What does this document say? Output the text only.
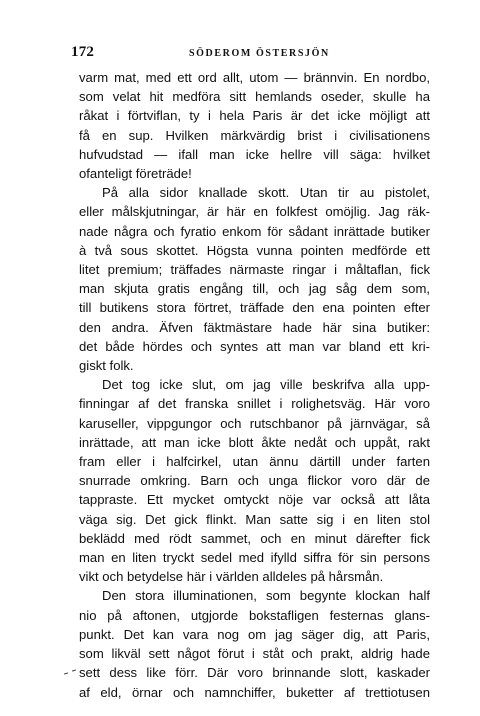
172	SÖDEROM ÖSTERSJÖN
varm mat, med ett ord allt, utom — brännvin. En nordbo,
som velat hit medföra sitt hemlands oseder, skulle ha
råkat i förtviflan, ty i hela Paris är det icke möjligt att
få en sup. Hvilken märkvärdig brist i civilisationens
hufvudstad — ifall man icke hellre vill säga: hvilket
ofanteligt företräde!
På alla sidor knallade skott. Utan tir au pistolet,
eller målskjutningar, är här en folkfest omöjlig. Jag räk-
nade några och fyratio enkom för sådant inrättade butiker
à två sous skottet. Högsta vunna pointen medförde ett
litet premium; träffades närmaste ringar i måltaflan, fick
man skjuta gratis engång till, och jag såg dem som,
till butikens stora förtret, träffade den ena pointen efter
den andra. Äfven fäktmästare hade här sina butiker:
det både hördes och syntes att man var bland ett kri-
giskt folk.
Det tog icke slut, om jag ville beskrifva alla upp-
finningar af det franska snillet i rolighetsväg. Här voro
karuseller, vippgungor och rutschbanor på järnvägar, så
inrättade, att man icke blott åkte nedåt och uppåt, rakt
fram eller i halfcirkel, utan ännu därtill under farten
snurrade omkring. Barn och unga flickor voro där de
tappraste. Ett mycket omtyckt nöje var också att låta
väga sig. Det gick flinkt. Man satte sig i en liten stol
beklädd med rödt sammet, och en minut därefter fick
man en liten tryckt sedel med ifylld siffra för sin persons
vikt och betydelse här i världen alldeles på hårsmån.
Den stora illuminationen, som begynte klockan half
nio på aftonen, utgjorde bokstafligen festernas glans-
punkt. Det kan vara nog om jag säger dig, att Paris,
som likväl sett något förut i ståt och prakt, aldrig hade
sett dess like förr. Där voro brinnande slott, kaskader
af eld, örnar och namnchiffer, buketter af trettiotusen
